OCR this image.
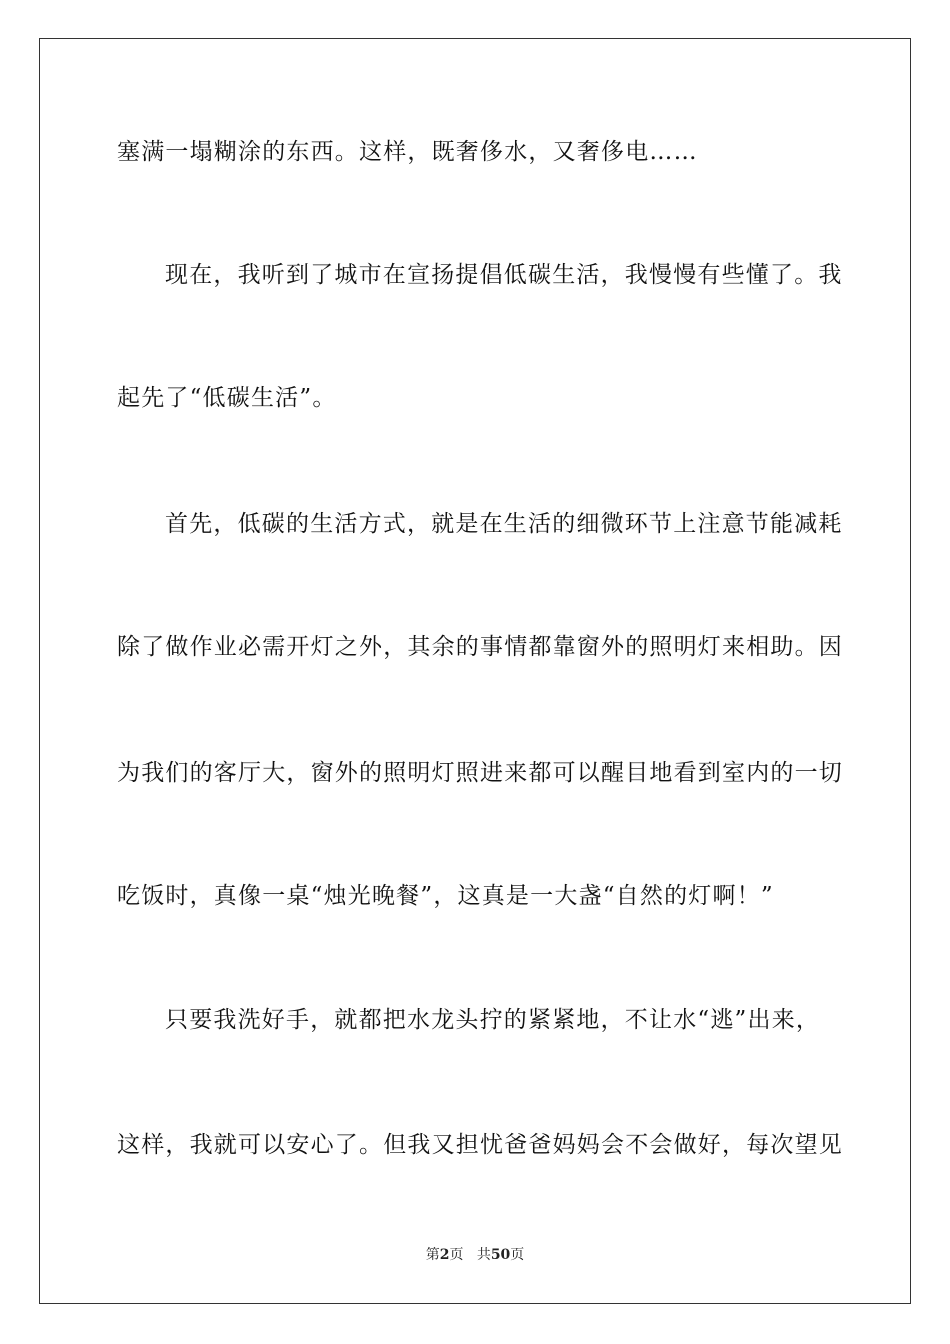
塞满一塌糊涂的东西。这样，既奢侈水，又奢侈电……
现在，我听到了城市在宣扬提倡低碳生活，我慢慢有些懂了。我
起先了“低碳生活”。
首先，低碳的生活方式，就是在生活的细微环节上注意节能减耗
除了做作业必需开灯之外，其余的事情都靠窗外的照明灯来相助。因
为我们的客厅大，窗外的照明灯照进来都可以醒目地看到室内的一切
吃饭时，真像一桌“烛光晚餐”，这真是一大盏“自然的灯啊！”
只要我洗好手，就都把水龙头拧的紧紧地，不让水“逃”出来，
这样，我就可以安心了。但我又担忧爸爸妈妈会不会做好，每次望见
第2页 共50页
